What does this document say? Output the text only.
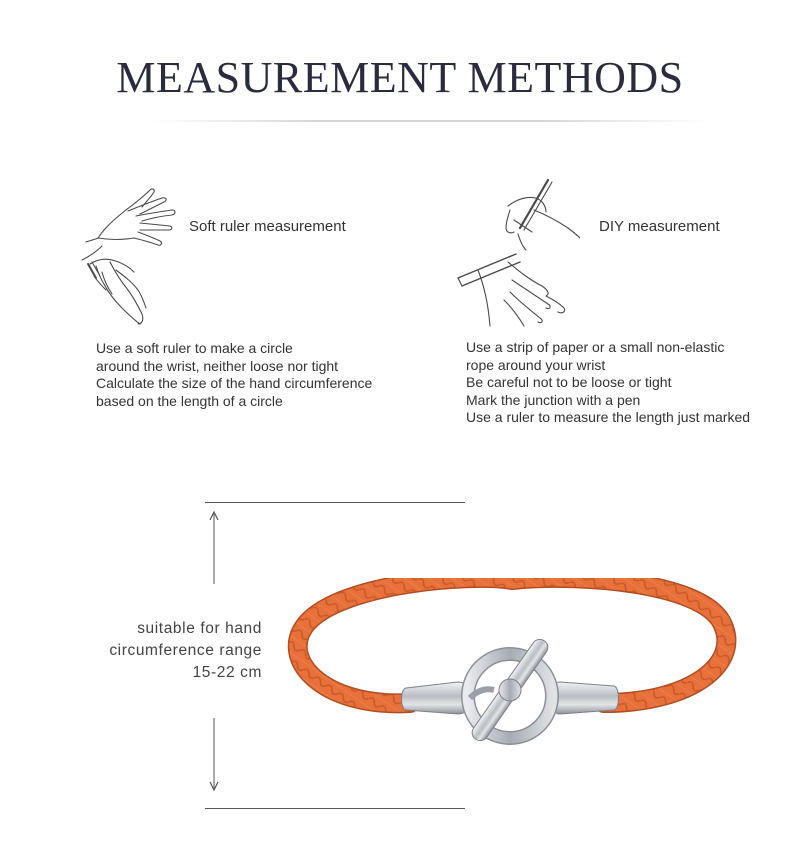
MEASUREMENT METHODS
Soft ruler measurement
Use a soft ruler to make a circle
around the wrist, neither loose nor tight
Calculate the size of the hand circumference
based on the length of a circle
DIY measurement
Use a strip of paper or a small non-elastic
rope around your wrist
Be careful not to be loose or tight
Mark the junction with a pen
Use a ruler to measure the length just marked
suitable for hand
circumference range
15-22 cm
